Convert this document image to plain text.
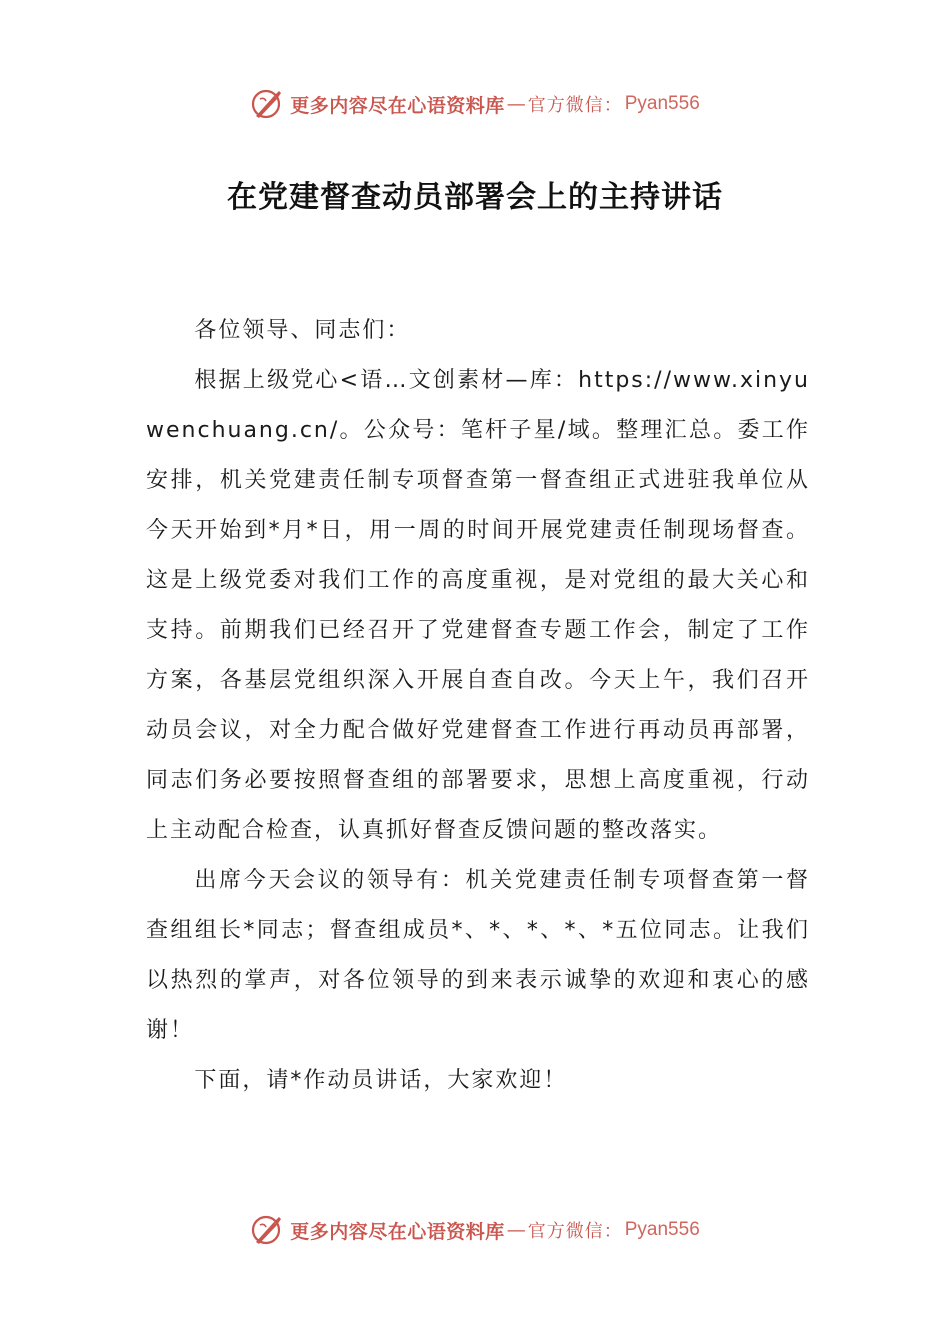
更多内容尽在心语资料库 — 官方微信： Pyan556
在党建督查动员部署会上的主持讲话

各位领导、同志们：

根据上级党心<语…文创素材—库：https://www.xinyuwenchuang.cn/。公众号：笔杆子星/域。整理汇总。委工作安排，机关党建责任制专项督查第一督查组正式进驻我单位从今天开始到*月*日，用一周的时间开展党建责任制现场督查。这是上级党委对我们工作的高度重视，是对党组的最大关心和支持。前期我们已经召开了党建督查专题工作会，制定了工作方案，各基层党组织深入开展自查自改。今天上午，我们召开动员会议，对全力配合做好党建督查工作进行再动员再部署，同志们务必要按照督查组的部署要求，思想上高度重视，行动上主动配合检查，认真抓好督查反馈问题的整改落实。

出席今天会议的领导有：机关党建责任制专项督查第一督查组组长*同志；督查组成员*、*、*、*、*五位同志。让我们以热烈的掌声，对各位领导的到来表示诚挚的欢迎和衷心的感谢！

下面，请*作动员讲话，大家欢迎！

更多内容尽在心语资料库 — 官方微信： Pyan556
